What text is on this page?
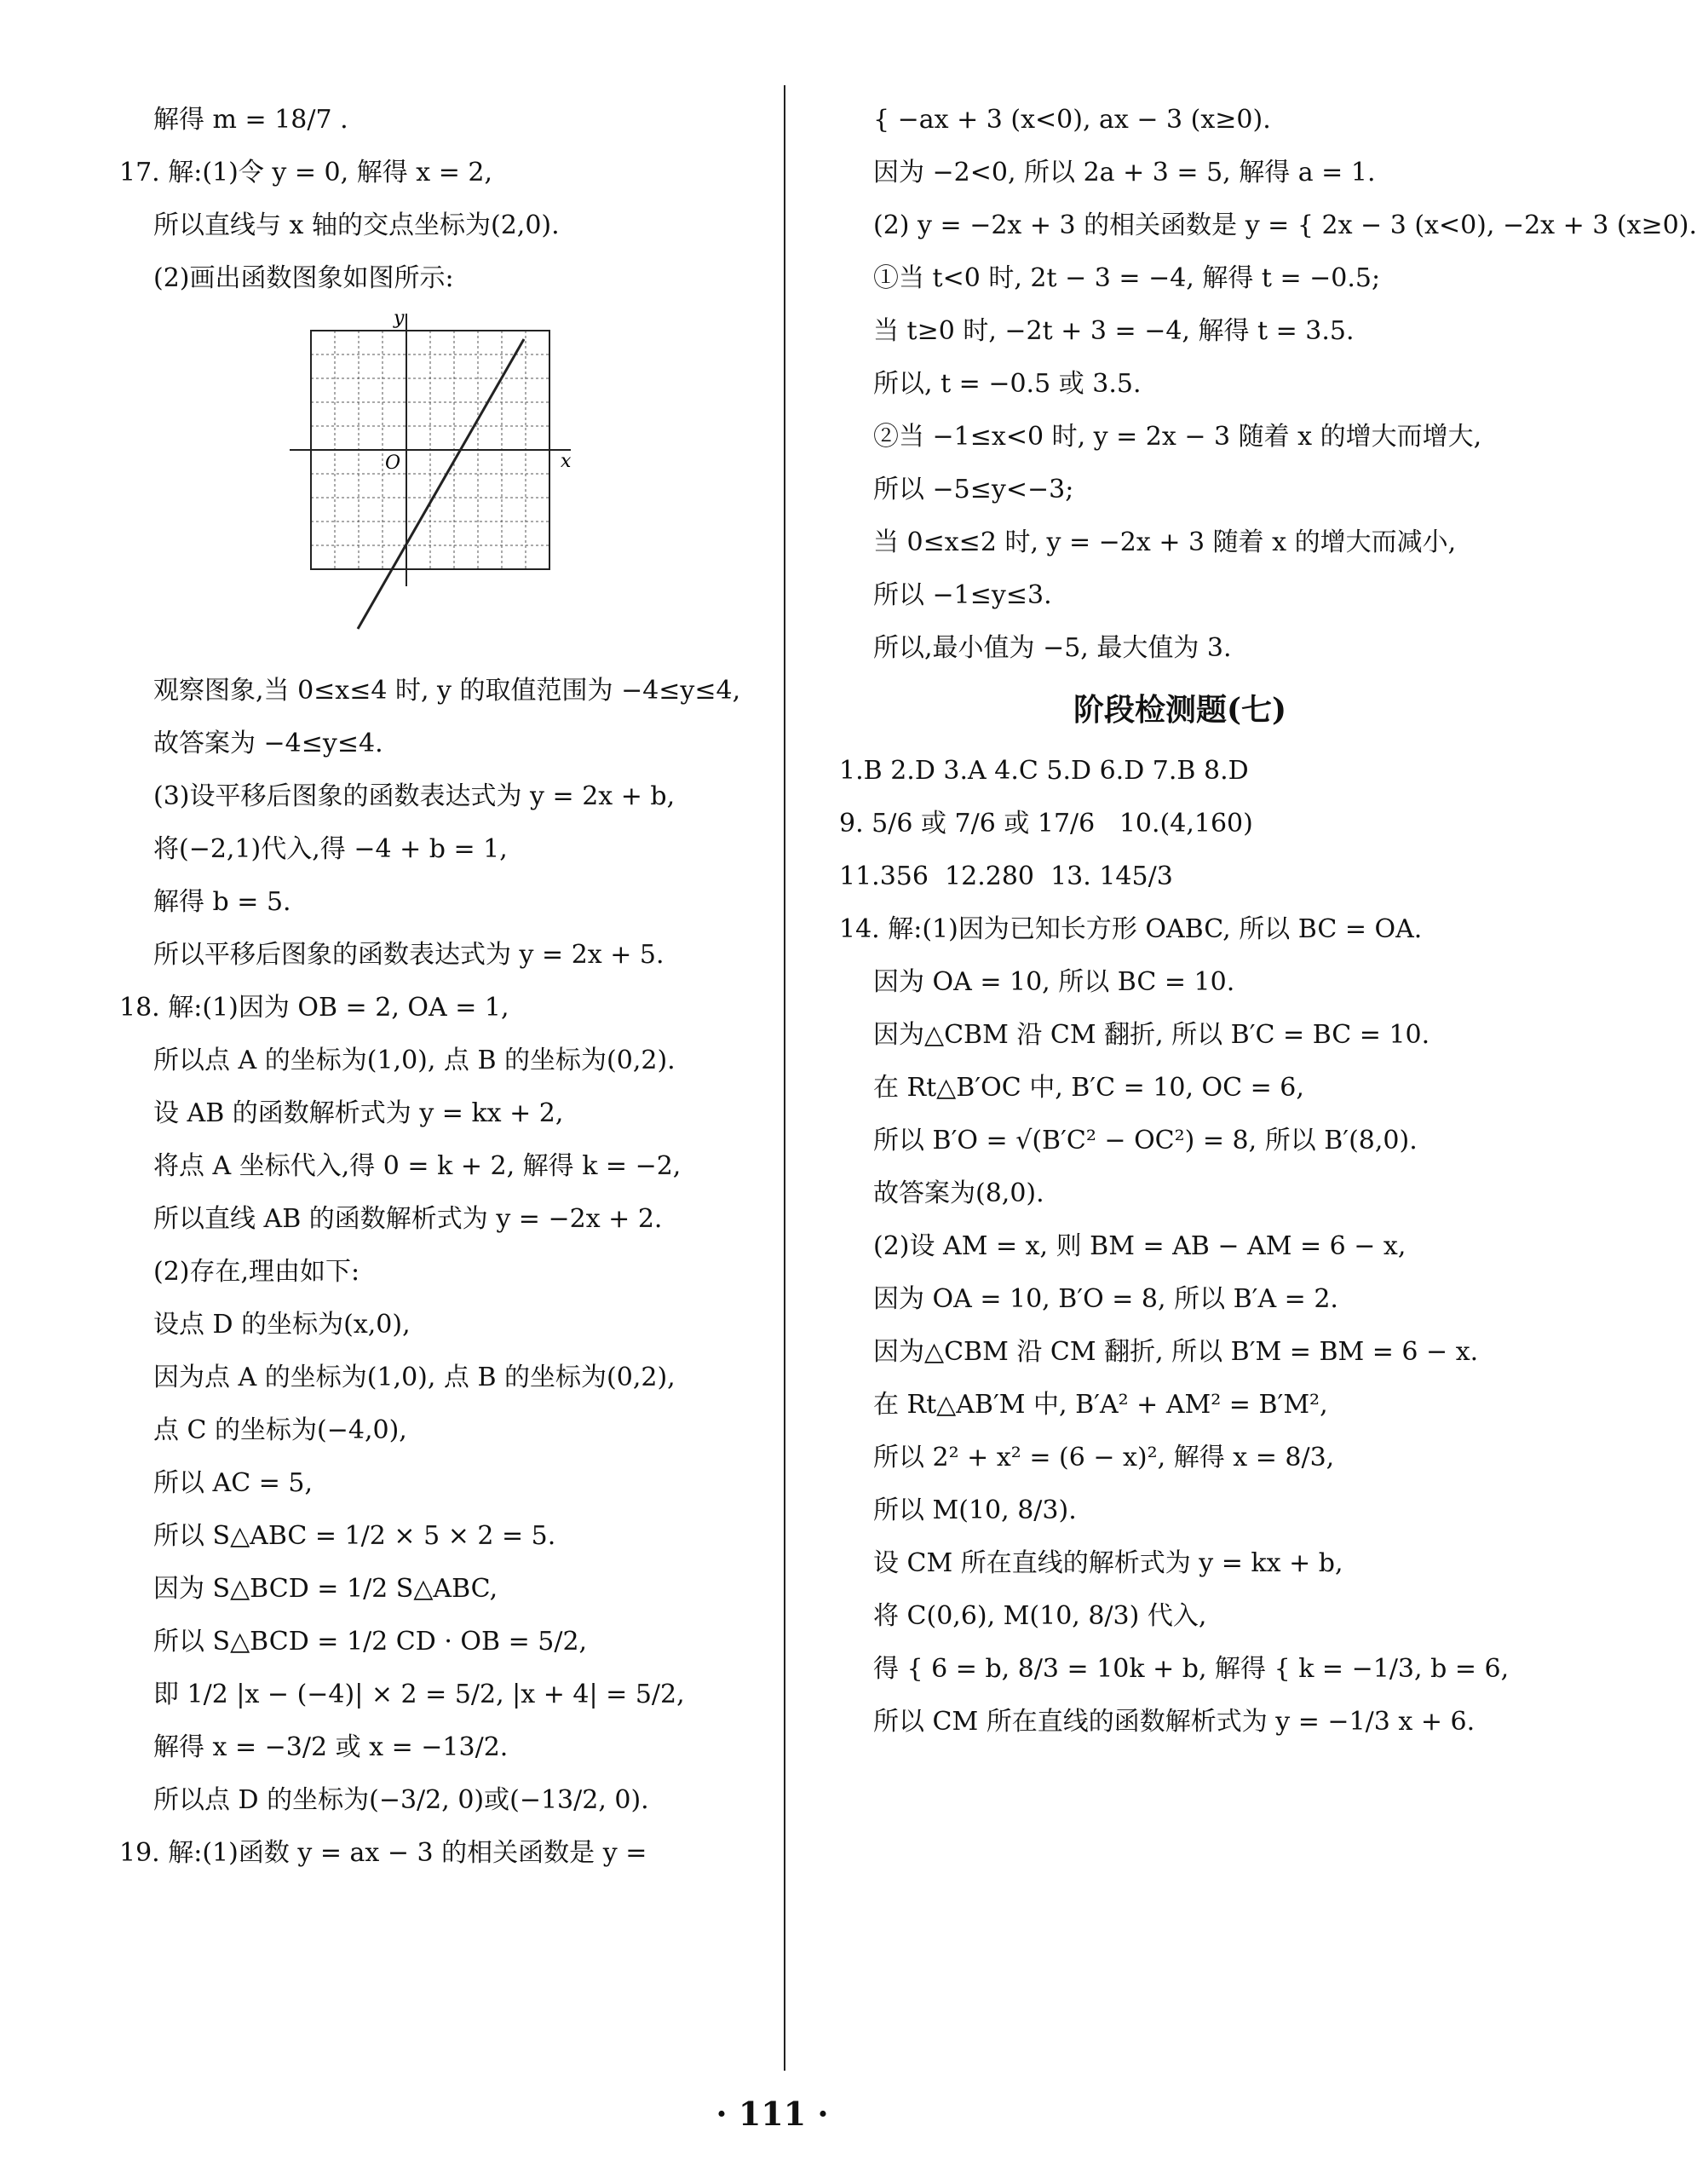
解得 m = 18/7 .
17. 解:(1)令 y = 0, 解得 x = 2,
所以直线与 x 轴的交点坐标为(2,0).
(2)画出函数图象如图所示:
y
x
O
观察图象,当 0≤x≤4 时, y 的取值范围为 −4≤y≤4,
故答案为 −4≤y≤4.
(3)设平移后图象的函数表达式为 y = 2x + b,
将(−2,1)代入,得 −4 + b = 1,
解得 b = 5.
所以平移后图象的函数表达式为 y = 2x + 5.
18. 解:(1)因为 OB = 2, OA = 1,
所以点 A 的坐标为(1,0), 点 B 的坐标为(0,2).
设 AB 的函数解析式为 y = kx + 2,
将点 A 坐标代入,得 0 = k + 2, 解得 k = −2,
所以直线 AB 的函数解析式为 y = −2x + 2.
(2)存在,理由如下:
设点 D 的坐标为(x,0),
因为点 A 的坐标为(1,0), 点 B 的坐标为(0,2),
点 C 的坐标为(−4,0),
所以 AC = 5,
所以 S△ABC = 1/2 × 5 × 2 = 5.
因为 S△BCD = 1/2 S△ABC,
所以 S△BCD = 1/2 CD · OB = 5/2,
即 1/2 |x − (−4)| × 2 = 5/2, |x + 4| = 5/2,
解得 x = −3/2 或 x = −13/2.
所以点 D 的坐标为(−3/2, 0)或(−13/2, 0).
19. 解:(1)函数 y = ax − 3 的相关函数是 y =
{ −ax + 3 (x<0), ax − 3 (x≥0).
因为 −2<0, 所以 2a + 3 = 5, 解得 a = 1.
(2) y = −2x + 3 的相关函数是 y = { 2x − 3 (x<0), −2x + 3 (x≥0).
①当 t<0 时, 2t − 3 = −4, 解得 t = −0.5;
当 t≥0 时, −2t + 3 = −4, 解得 t = 3.5.
所以, t = −0.5 或 3.5.
②当 −1≤x<0 时, y = 2x − 3 随着 x 的增大而增大,
所以 −5≤y<−3;
当 0≤x≤2 时, y = −2x + 3 随着 x 的增大而减小,
所以 −1≤y≤3.
所以,最小值为 −5, 最大值为 3.
阶段检测题(七)
1.B 2.D 3.A 4.C 5.D 6.D 7.B 8.D
9. 5/6 或 7/6 或 17/6   10.(4,160)
11.356  12.280  13. 145/3
14. 解:(1)因为已知长方形 OABC, 所以 BC = OA.
因为 OA = 10, 所以 BC = 10.
因为△CBM 沿 CM 翻折, 所以 B′C = BC = 10.
在 Rt△B′OC 中, B′C = 10, OC = 6,
所以 B′O = √(B′C² − OC²) = 8, 所以 B′(8,0).
故答案为(8,0).
(2)设 AM = x, 则 BM = AB − AM = 6 − x,
因为 OA = 10, B′O = 8, 所以 B′A = 2.
因为△CBM 沿 CM 翻折, 所以 B′M = BM = 6 − x.
在 Rt△AB′M 中, B′A² + AM² = B′M²,
所以 2² + x² = (6 − x)², 解得 x = 8/3,
所以 M(10, 8/3).
设 CM 所在直线的解析式为 y = kx + b,
将 C(0,6), M(10, 8/3) 代入,
得 { 6 = b, 8/3 = 10k + b, 解得 { k = −1/3, b = 6,
所以 CM 所在直线的函数解析式为 y = −1/3 x + 6.
· 111 ·
